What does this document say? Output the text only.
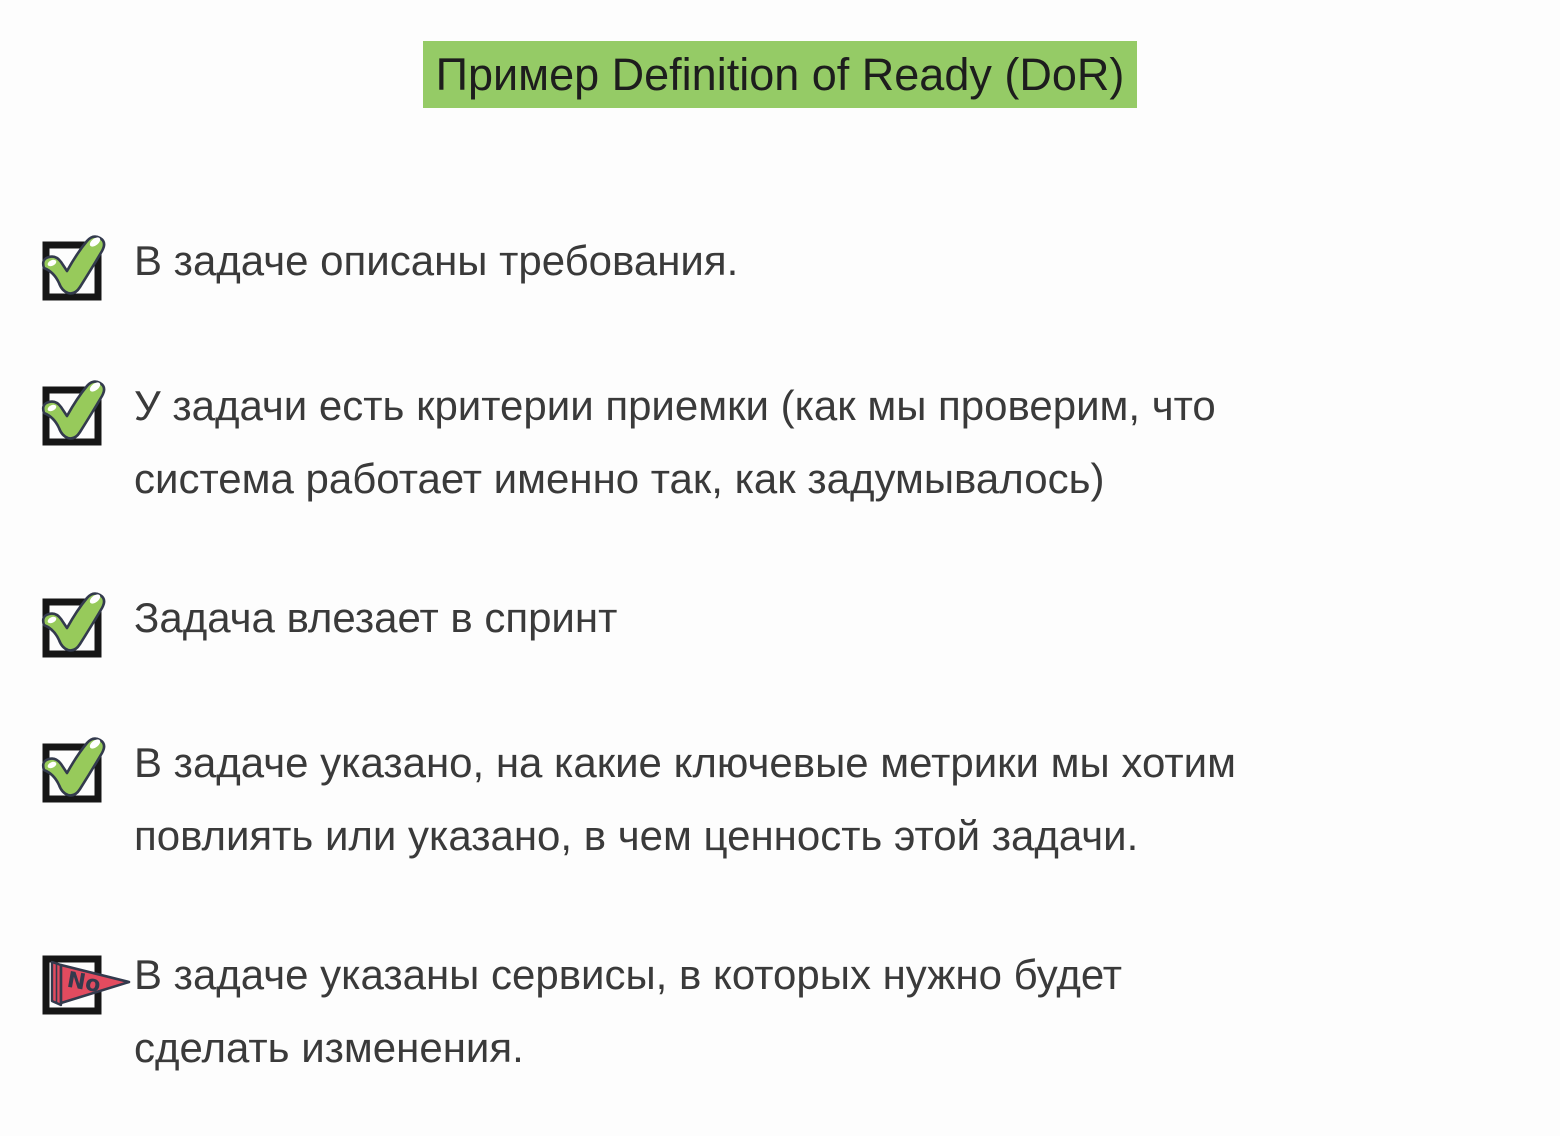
Пример Definition of Ready (DoR)
В задаче описаны требования.
У задачи есть критерии приемки (как мы проверим, что
система работает именно так, как задумывалось)
Задача влезает в спринт
В задаче указано, на какие ключевые метрики мы хотим
повлиять или указано, в чем ценность этой задачи.
No В задаче указаны сервисы, в которых нужно будет
сделать изменения.
